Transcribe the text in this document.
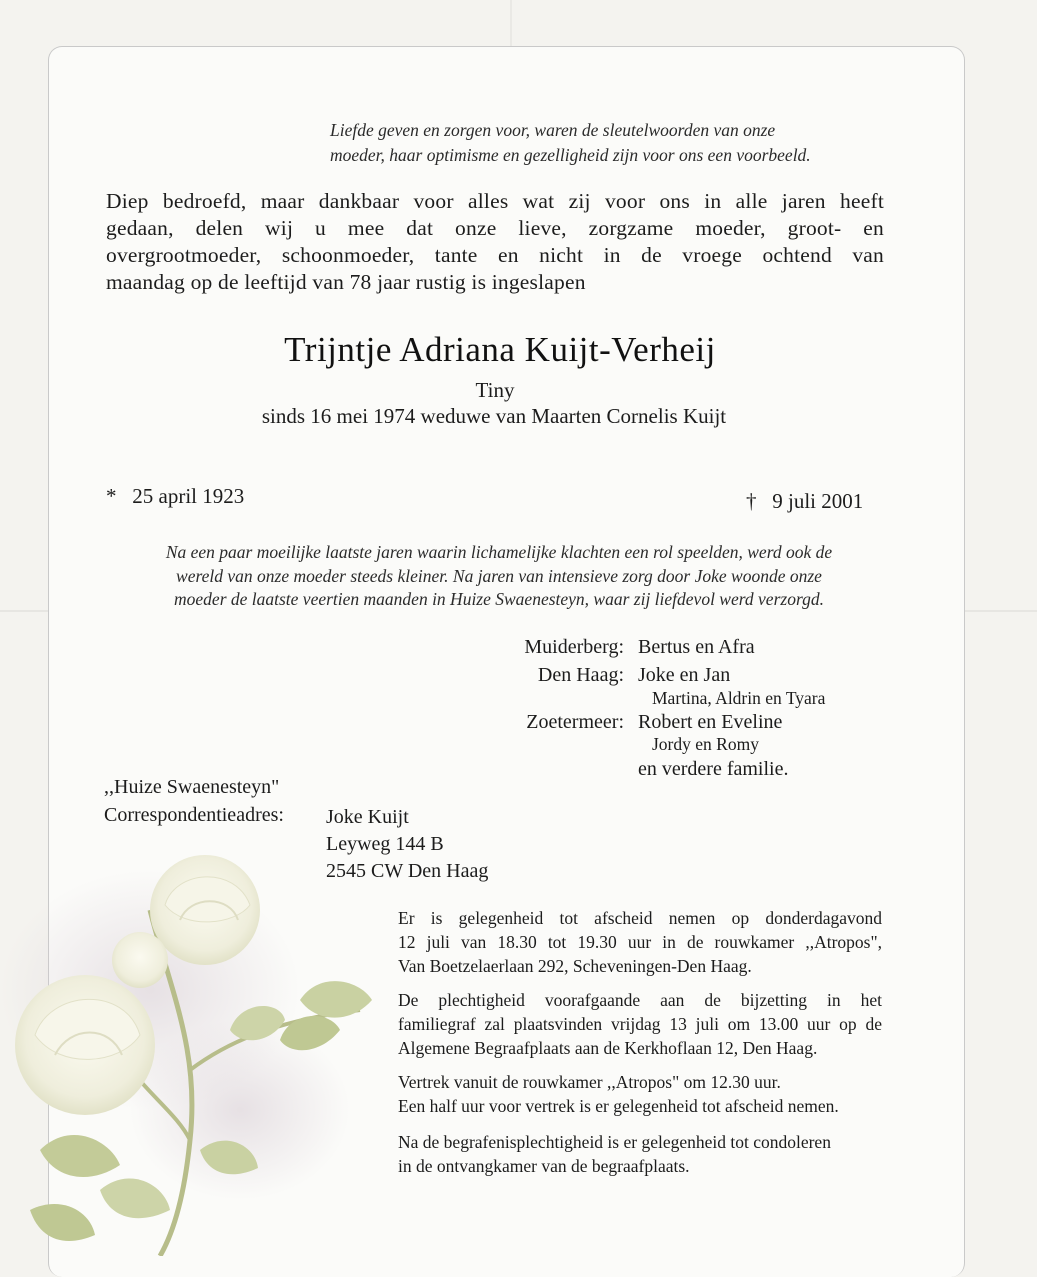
Liefde geven en zorgen voor, waren de sleutelwoorden van onze
moeder, haar optimisme en gezelligheid zijn voor ons een voorbeeld.
Diep bedroefd, maar dankbaar voor alles wat zij voor ons in alle jaren heeft
gedaan, delen wij u mee dat onze lieve, zorgzame moeder, groot- en
overgrootmoeder, schoonmoeder, tante en nicht in de vroege ochtend van
maandag op de leeftijd van 78 jaar rustig is ingeslapen
Trijntje Adriana Kuijt-Verheij
Tiny
sinds 16 mei 1974 weduwe van Maarten Cornelis Kuijt
* 25 april 1923	† 9 juli 2001
Na een paar moeilijke laatste jaren waarin lichamelijke klachten een rol speelden, werd ook de
wereld van onze moeder steeds kleiner. Na jaren van intensieve zorg door Joke woonde onze
moeder de laatste veertien maanden in Huize Swaenesteyn, waar zij liefdevol werd verzorgd.
Muiderberg: Bertus en Afra
Den Haag: Joke en Jan
Martina, Aldrin en Tyara
Zoetermeer: Robert en Eveline
Jordy en Romy
en verdere familie.
,,Huize Swaenesteyn"
Correspondentieadres: Joke Kuijt
Leyweg 144 B
2545 CW Den Haag
Er is gelegenheid tot afscheid nemen op donderdagavond
12 juli van 18.30 tot 19.30 uur in de rouwkamer ,,Atropos",
Van Boetzelaerlaan 292, Scheveningen-Den Haag.
De plechtigheid voorafgaande aan de bijzetting in het
familiegraf zal plaatsvinden vrijdag 13 juli om 13.00 uur op de
Algemene Begraafplaats aan de Kerkhoflaan 12, Den Haag.
Vertrek vanuit de rouwkamer ,,Atropos" om 12.30 uur.
Een half uur voor vertrek is er gelegenheid tot afscheid nemen.
Na de begrafenisplechtigheid is er gelegenheid tot condoleren
in de ontvangkamer van de begraafplaats.
